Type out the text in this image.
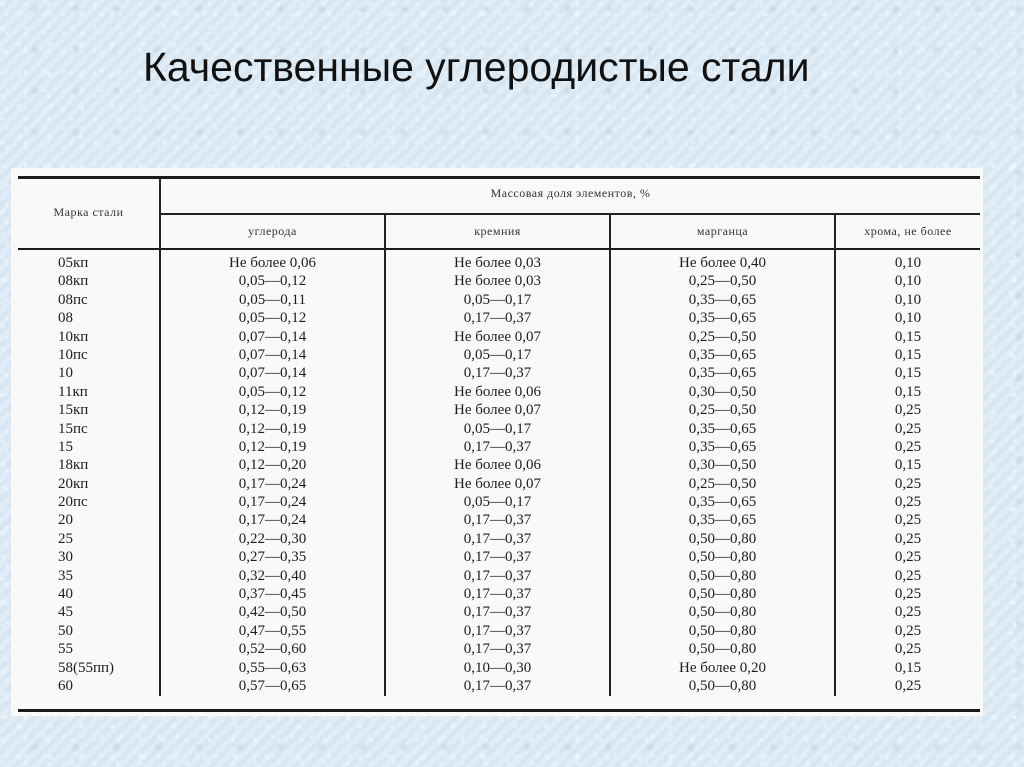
Качественные углеродистые стали
Марка стали
Массовая доля элементов, %
углерода	кремния	марганца	хрома, не более
05кп	Не более 0,06	Не более 0,03	Не более 0,40	0,10
08кп	0,05—0,12	Не более 0,03	0,25—0,50	0,10
08пс	0,05—0,11	0,05—0,17	0,35—0,65	0,10
08	0,05—0,12	0,17—0,37	0,35—0,65	0,10
10кп	0,07—0,14	Не более 0,07	0,25—0,50	0,15
10пс	0,07—0,14	0,05—0,17	0,35—0,65	0,15
10	0,07—0,14	0,17—0,37	0,35—0,65	0,15
11кп	0,05—0,12	Не более 0,06	0,30—0,50	0,15
15кп	0,12—0,19	Не более 0,07	0,25—0,50	0,25
15пс	0,12—0,19	0,05—0,17	0,35—0,65	0,25
15	0,12—0,19	0,17—0,37	0,35—0,65	0,25
18кп	0,12—0,20	Не более 0,06	0,30—0,50	0,15
20кп	0,17—0,24	Не более 0,07	0,25—0,50	0,25
20пс	0,17—0,24	0,05—0,17	0,35—0,65	0,25
20	0,17—0,24	0,17—0,37	0,35—0,65	0,25
25	0,22—0,30	0,17—0,37	0,50—0,80	0,25
30	0,27—0,35	0,17—0,37	0,50—0,80	0,25
35	0,32—0,40	0,17—0,37	0,50—0,80	0,25
40	0,37—0,45	0,17—0,37	0,50—0,80	0,25
45	0,42—0,50	0,17—0,37	0,50—0,80	0,25
50	0,47—0,55	0,17—0,37	0,50—0,80	0,25
55	0,52—0,60	0,17—0,37	0,50—0,80	0,25
58(55пп)	0,55—0,63	0,10—0,30	Не более 0,20	0,15
60	0,57—0,65	0,17—0,37	0,50—0,80	0,25
